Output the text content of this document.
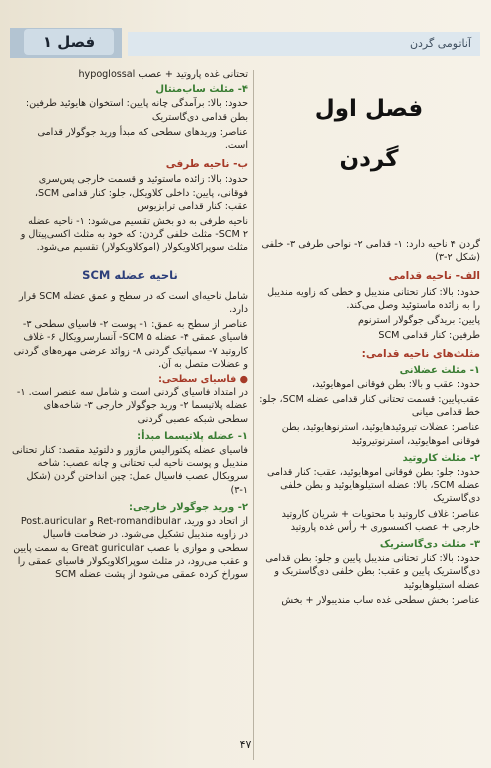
فصل ۱	آناتومی گردن
فصل اول
گردن

گردن ۴ ناحیه دارد: ۱- قدامی ۲- نواحی طرفی ۳- خلفی (شکل ۲-۳)

الف- ناحیه قدامی

حدود: بالا: کنار تحتانی مندیبل و خطی که زاویه مندیبل را به زائده ماستوئید وصل می‌کند.

پایین: بریدگی جوگولار استرنوم

طرفین: کنار قدامی SCM

مثلث‌های ناحیه قدامی:
۱- مثلث عضلانی

حدود: عقب و بالا: بطن فوقانی اموهایوئید،

عقب‌پایین: قسمت تحتانی کنار قدامی عضله SCM، جلو: خط قدامی میانی

عناصر: عضلات تیروئیدهایوئید، استرنوهایوئید، بطن فوقانی اموهایوئید، استرنوتیروئید

۲- مثلث کاروتید

حدود: جلو: بطن فوقانی اموهایوئید، عقب: کنار قدامی عضله SCM، بالا: عضله استیلوهایوئید و بطن خلفی دی‌گاستریک

عناصر: غلاف کاروتید با محتویات + شریان کاروتید خارجی + عصب اکسسوری + رأس غده پاروتید

۳- مثلث دی‌گاستریک

حدود: بالا: کنار تحتانی مندیبل پایین و جلو: بطن قدامی دی‌گاستریک پایین و عقب: بطن خلفی دی‌گاستریک و عضله استیلوهایوئید

عناصر: بخش سطحی غده ساب مندیبولار + بخش

تحتانی غده پاروتید + عصب hypoglossal

۴- مثلث ساب‌منتال

حدود: بالا: برآمدگی چانه پایین: استخوان هایوئید طرفین: بطن قدامی دی‌گاستریک

عناصر: وریدهای سطحی که مبدأ ورید جوگولار قدامی است.

ب- ناحیه طرفی

حدود: بالا: زائده ماستوئید و قسمت خارجی پس‌سری فوقانی، پایین: داخلی کلاویکل، جلو: کنار قدامی SCM، عقب: کنار قدامی ترابزیوس

ناحیه طرفی به دو بخش تقسیم می‌شود: ۱- ناحیه عضله SCM ۲- مثلث خلفی گردن: که خود به مثلث اکسی‌پیتال و مثلث سوپراکلاویکولار (اموکلاویکولار) تقسیم می‌شود.

ناحیه عضله SCM

شامل ناحیه‌ای است که در سطح و عمق عضله SCM قرار دارد.

عناصر از سطح به عمق: ۱- پوست ۲- فاسیای سطحی ۳- فاسیای عمقی ۴- عضله SCM ۵- آنسارسرویکال ۶- غلاف کاروتید ۷- سمپاتیک گردنی ۸- زوائد عرضی مهره‌های گردنی و عضلات متصل به آن.

● فاسیای سطحی:

در امتداد فاسیای گردنی است و شامل سه عنصر است. ۱- عضله پلاتیسما ۲- ورید جوگولار خارجی ۳- شاخه‌های سطحی شبکه عصبی گردنی

۱- عضله پلاتیسما مبدأ:

فاسیای عضله پکتورالیس ماژور و دلتوئید مقصد: کنار تحتانی مندیبل و پوست ناحیه لب تحتانی و چانه عصب: شاخه سرویکال عصب فاسیال عمل: چین انداختن گردن (شکل ۱-۳)

۲- ورید جوگولار خارجی:

از اتحاد دو ورید، Ret-romandibular و Post.auricular در زاویه مندیبل تشکیل می‌شود. در ضخامت فاسیال سطحی و موازی با عصب Great guricular به سمت پایین و عقب می‌رود، در مثلث سوپراکلاویکولار فاسیای عمقی را سوراخ کرده عمقی می‌شود از پشت عضله SCM

۴۷
